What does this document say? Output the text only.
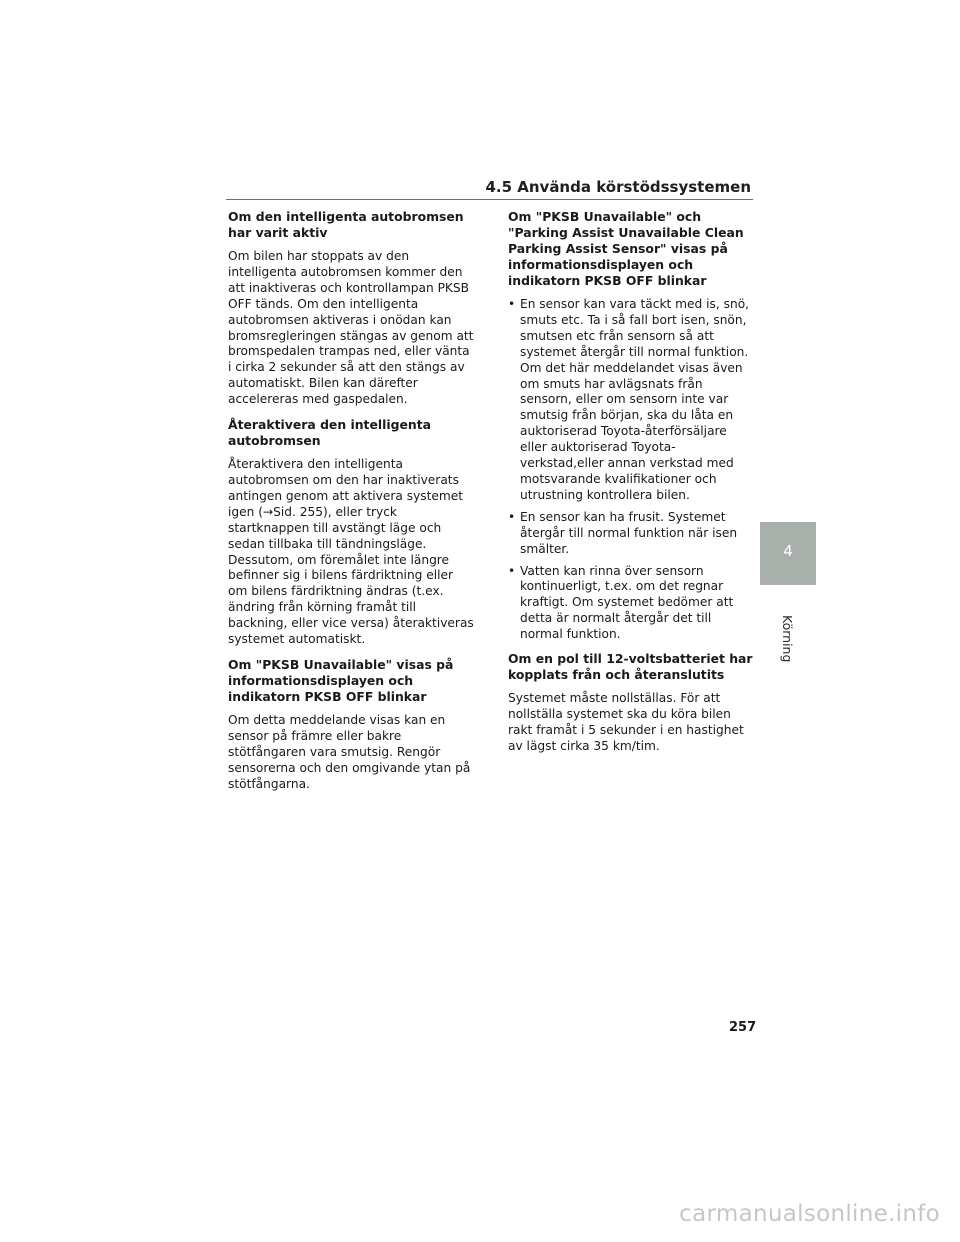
4.5 Använda körstödssystemen
Om den intelligenta autobromsen har varit aktiv

Om bilen har stoppats av den intelligenta autobromsen kommer den att inaktiveras och kontrollampan PKSB OFF tänds. Om den intelligenta autobromsen aktiveras i onödan kan bromsregleringen stängas av genom att bromspedalen trampas ned, eller vänta i cirka 2 sekunder så att den stängs av automatiskt. Bilen kan därefter accelereras med gaspedalen.

Återaktivera den intelligenta autobromsen

Återaktivera den intelligenta autobromsen om den har inaktiverats antingen genom att aktivera systemet igen (→Sid. 255), eller tryck startknappen till avstängt läge och sedan tillbaka till tändningsläge. Dessutom, om föremålet inte längre befinner sig i bilens färdriktning eller om bilens färdriktning ändras (t.ex. ändring från körning framåt till backning, eller vice versa) återaktiveras systemet automatiskt.

Om "PKSB Unavailable" visas på informationsdisplayen och indikatorn PKSB OFF blinkar

Om detta meddelande visas kan en sensor på främre eller bakre stötfångaren vara smutsig. Rengör sensorerna och den omgivande ytan på stötfångarna.

Om "PKSB Unavailable" och "Parking Assist Unavailable Clean Parking Assist Sensor" visas på informationsdisplayen och indikatorn PKSB OFF blinkar
• En sensor kan vara täckt med is, snö, smuts etc. Ta i så fall bort isen, snön, smutsen etc från sensorn så att systemet återgår till normal funktion. Om det här meddelandet visas även om smuts har avlägsnats från sensorn, eller om sensorn inte var smutsig från början, ska du låta en auktoriserad Toyota-återförsäljare eller auktoriserad Toyota-verkstad,eller annan verkstad med motsvarande kvalifikationer och utrustning kontrollera bilen.
• En sensor kan ha frusit. Systemet återgår till normal funktion när isen smälter.
• Vatten kan rinna över sensorn kontinuerligt, t.ex. om det regnar kraftigt. Om systemet bedömer att detta är normalt återgår det till normal funktion.
Om en pol till 12-voltsbatteriet har kopplats från och återanslutits

Systemet måste nollställas. För att nollställa systemet ska du köra bilen rakt framåt i 5 sekunder i en hastighet av lägst cirka 35 km/tim.

4
Körning
257
carmanualsonline.info
